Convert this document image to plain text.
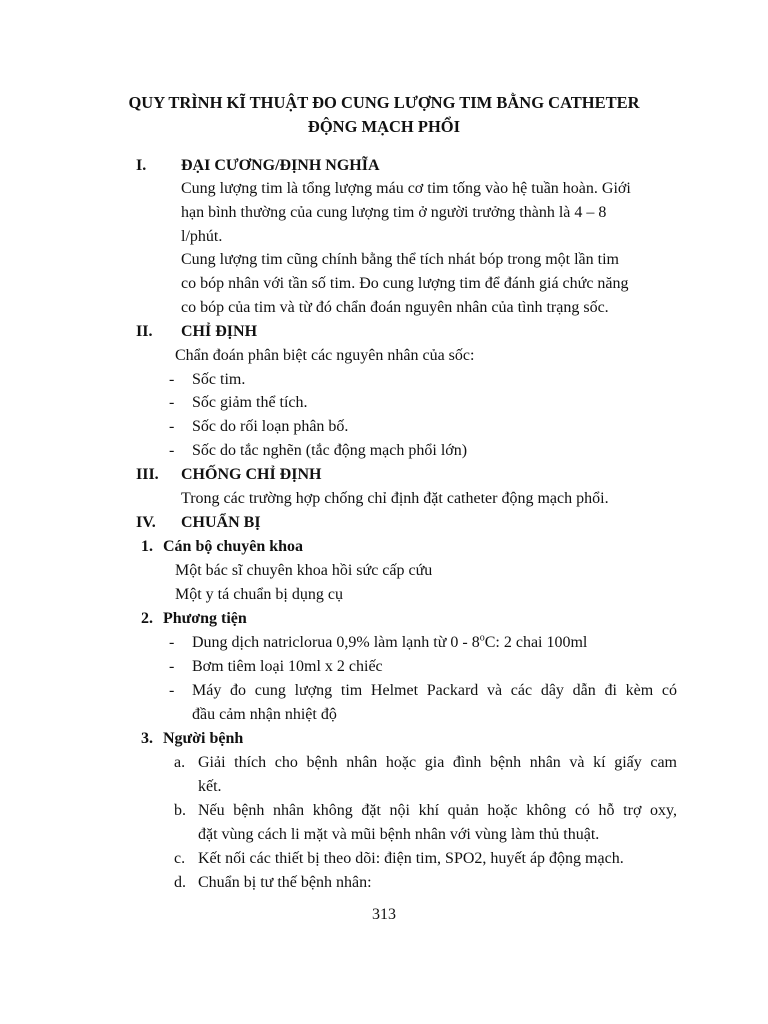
QUY TRÌNH KĨ THUẬT ĐO CUNG LƯỢNG TIM BẰNG CATHETER
ĐỘNG MẠCH PHỔI
I. ĐẠI CƯƠNG/ĐỊNH NGHĨA
Cung lượng tim là tổng lượng máu cơ tim tống vào hệ tuần hoàn. Giới
hạn bình thường của cung lượng tim ở người trưởng thành là 4 – 8
l/phút.
Cung lượng tim cũng chính bằng thể tích nhát bóp trong một lần tim
co bóp nhân với tần số tim. Đo cung lượng tim để đánh giá chức năng
co bóp của tim và từ đó chẩn đoán nguyên nhân của tình trạng sốc.
II. CHỈ ĐỊNH
Chẩn đoán phân biệt các nguyên nhân của sốc:
- Sốc tim.
- Sốc giảm thể tích.
- Sốc do rối loạn phân bố.
- Sốc do tắc nghẽn (tắc động mạch phổi lớn)
III. CHỐNG CHỈ ĐỊNH
Trong các trường hợp chống chỉ định đặt catheter động mạch phổi.
IV. CHUẨN BỊ
1. Cán bộ chuyên khoa
Một bác sĩ chuyên khoa hồi sức cấp cứu
Một y tá chuẩn bị dụng cụ
2. Phương tiện
- Dung dịch natriclorua 0,9% làm lạnh từ 0 - 8$^o$C: 2 chai 100ml
- Bơm tiêm loại 10ml x 2 chiếc
- Máy đo cung lượng tim Helmet Packard và các dây dẫn đi kèm có
đầu cảm nhận nhiệt độ
3. Người bệnh
a. Giải thích cho bệnh nhân hoặc gia đình bệnh nhân và kí giấy cam
kết.
b. Nếu bệnh nhân không đặt nội khí quản hoặc không có hỗ trợ oxy,
đặt vùng cách li mặt và mũi bệnh nhân với vùng làm thủ thuật.
c. Kết nối các thiết bị theo dõi: điện tim, SPO2, huyết áp động mạch.
d. Chuẩn bị tư thế bệnh nhân:
313
